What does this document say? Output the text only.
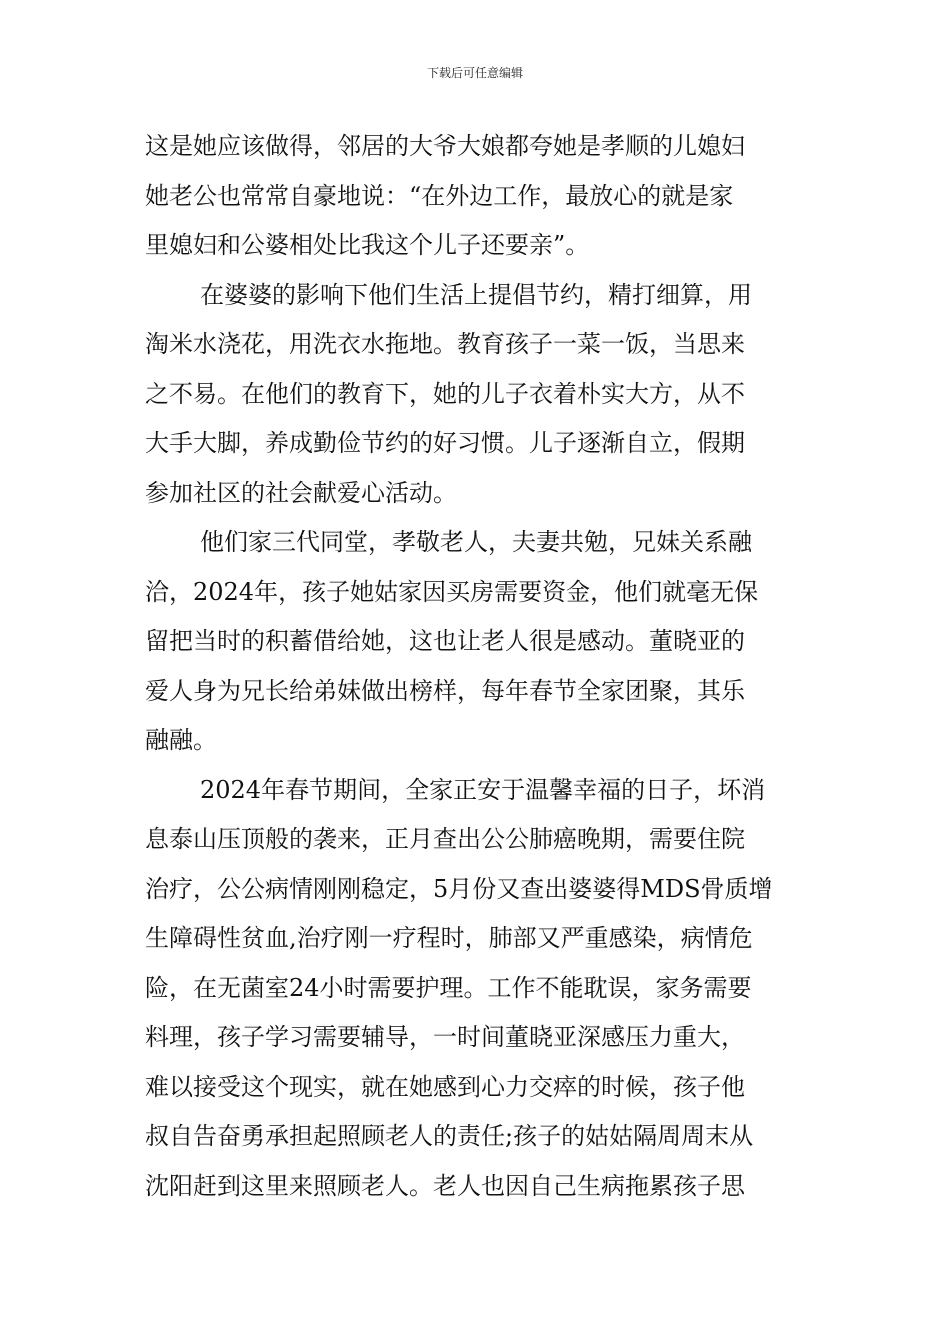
下载后可任意编辑
这是她应该做得，邻居的大爷大娘都夸她是孝顺的儿媳妇
她老公也常常自豪地说：“在外边工作，最放心的就是家
里媳妇和公婆相处比我这个儿子还要亲”。
在婆婆的影响下他们生活上提倡节约，精打细算，用
淘米水浇花，用洗衣水拖地。教育孩子一菜一饭，当思来
之不易。在他们的教育下，她的儿子衣着朴实大方，从不
大手大脚，养成勤俭节约的好习惯。儿子逐渐自立，假期
参加社区的社会献爱心活动。
他们家三代同堂，孝敬老人，夫妻共勉，兄妹关系融
洽，2024年，孩子她姑家因买房需要资金，他们就毫无保
留把当时的积蓄借给她，这也让老人很是感动。董晓亚的
爱人身为兄长给弟妹做出榜样，每年春节全家团聚，其乐
融融。
2024年春节期间，全家正安于温馨幸福的日子，坏消
息泰山压顶般的袭来，正月查出公公肺癌晚期，需要住院
治疗，公公病情刚刚稳定，5月份又查出婆婆得MDS骨质增
生障碍性贫血,治疗刚一疗程时，肺部又严重感染，病情危
险，在无菌室24小时需要护理。工作不能耽误，家务需要
料理，孩子学习需要辅导，一时间董晓亚深感压力重大，
难以接受这个现实，就在她感到心力交瘁的时候，孩子他
叔自告奋勇承担起照顾老人的责任;孩子的姑姑隔周周末从
沈阳赶到这里来照顾老人。老人也因自己生病拖累孩子思
